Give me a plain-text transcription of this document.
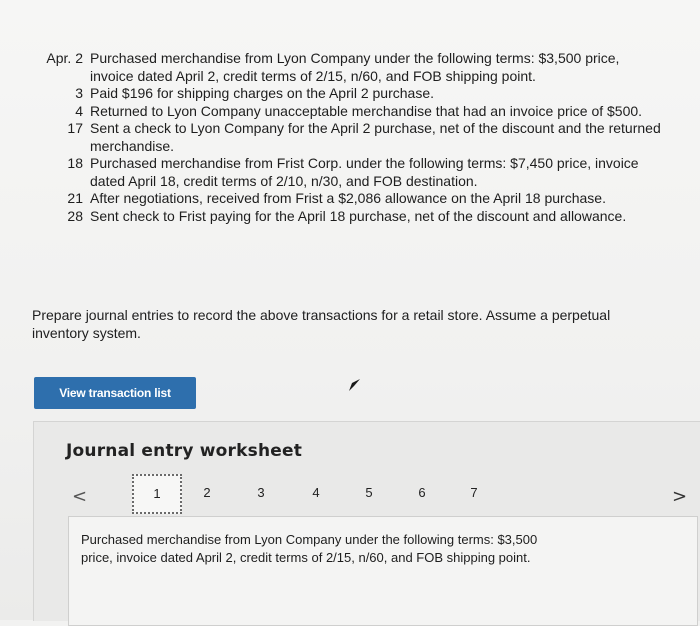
Apr. 2 Purchased merchandise from Lyon Company under the following terms: $3,500 price, invoice dated April 2, credit terms of 2/15, n/60, and FOB shipping point.
3 Paid $196 for shipping charges on the April 2 purchase.
4 Returned to Lyon Company unacceptable merchandise that had an invoice price of $500.
17 Sent a check to Lyon Company for the April 2 purchase, net of the discount and the returned merchandise.
18 Purchased merchandise from Frist Corp. under the following terms: $7,450 price, invoice dated April 18, credit terms of 2/10, n/30, and FOB destination.
21 After negotiations, received from Frist a $2,086 allowance on the April 18 purchase.
28 Sent check to Frist paying for the April 18 purchase, net of the discount and allowance.
Prepare journal entries to record the above transactions for a retail store. Assume a perpetual inventory system.
View transaction list
Journal entry worksheet
<	1	2	3	4	5	6	7	>
Purchased merchandise from Lyon Company under the following terms: $3,500 price, invoice dated April 2, credit terms of 2/15, n/60, and FOB shipping point.
